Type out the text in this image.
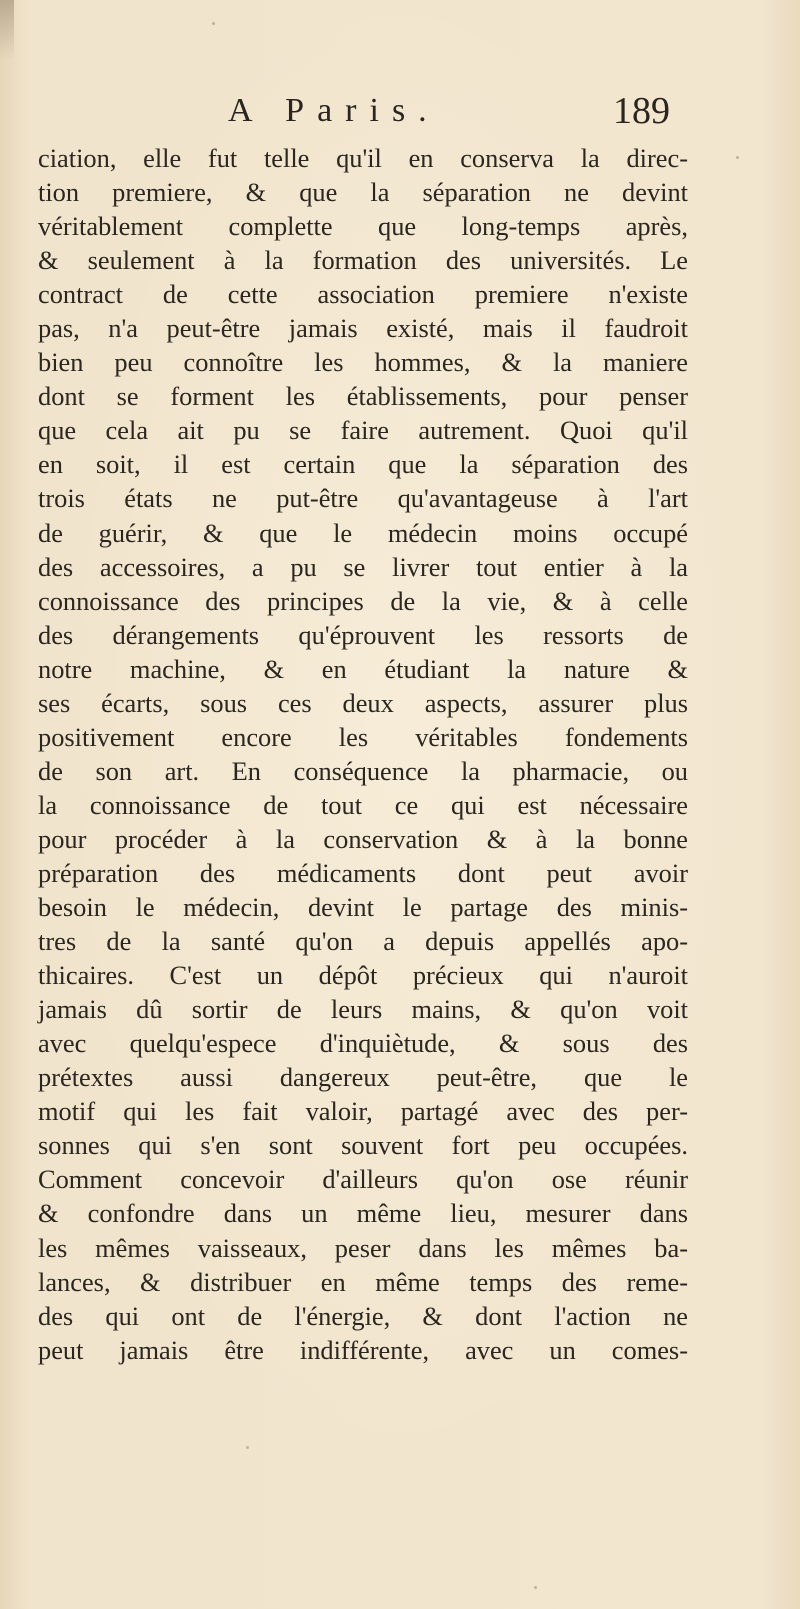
A Paris.	189
ciation, elle fut telle qu'il en conserva la direc-
tion premiere, & que la séparation ne devint
véritablement complette que long-temps après,
& seulement à la formation des universités. Le
contract de cette association premiere n'existe
pas, n'a peut-être jamais existé, mais il faudroit
bien peu connoître les hommes, & la maniere
dont se forment les établissements, pour penser
que cela ait pu se faire autrement. Quoi qu'il
en soit, il est certain que la séparation des
trois états ne put-être qu'avantageuse à l'art
de guérir, & que le médecin moins occupé
des accessoires, a pu se livrer tout entier à la
connoissance des principes de la vie, & à celle
des dérangements qu'éprouvent les ressorts de
notre machine, & en étudiant la nature &
ses écarts, sous ces deux aspects, assurer plus
positivement encore les véritables fondements
de son art. En conséquence la pharmacie, ou
la connoissance de tout ce qui est nécessaire
pour procéder à la conservation & à la bonne
préparation des médicaments dont peut avoir
besoin le médecin, devint le partage des minis-
tres de la santé qu'on a depuis appellés apo-
thicaires. C'est un dépôt précieux qui n'auroit
jamais dû sortir de leurs mains, & qu'on voit
avec quelqu'espece d'inquiètude, & sous des
prétextes aussi dangereux peut-être, que le
motif qui les fait valoir, partagé avec des per-
sonnes qui s'en sont souvent fort peu occupées.
Comment concevoir d'ailleurs qu'on ose réunir
& confondre dans un même lieu, mesurer dans
les mêmes vaisseaux, peser dans les mêmes ba-
lances, & distribuer en même temps des reme-
des qui ont de l'énergie, & dont l'action ne
peut jamais être indifférente, avec un comes-
